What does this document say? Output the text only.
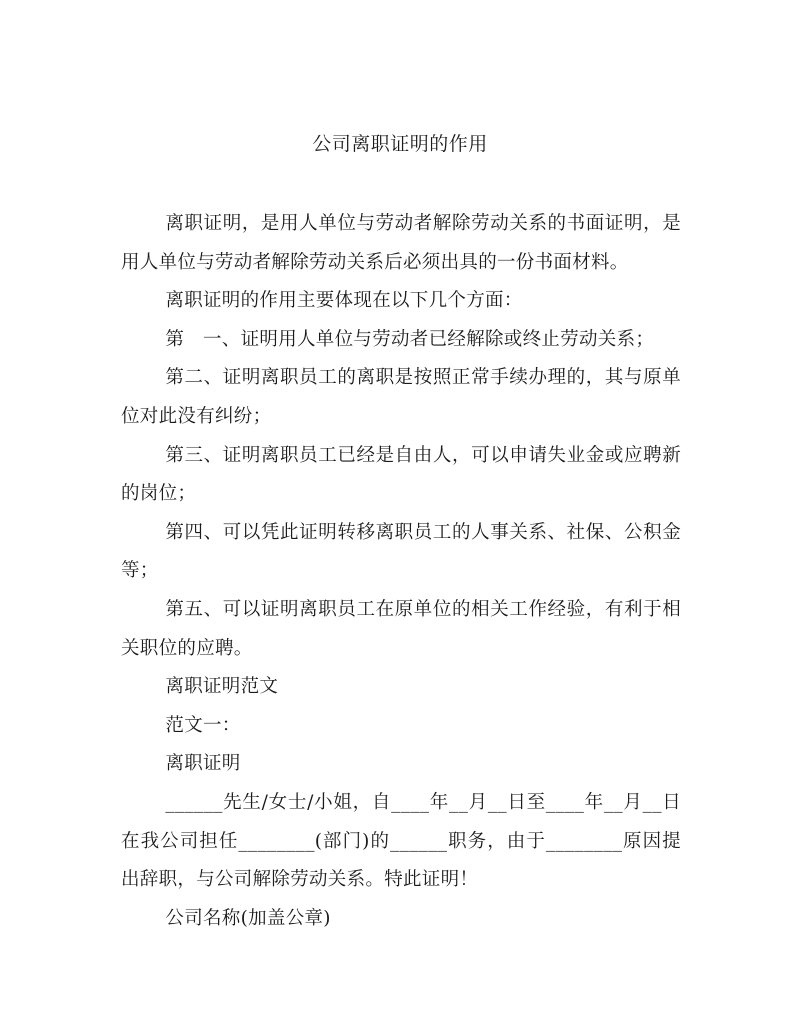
公司离职证明的作用

离职证明，是用人单位与劳动者解除劳动关系的书面证明，是用人单位与劳动者解除劳动关系后必须出具的一份书面材料。

离职证明的作用主要体现在以下几个方面：

第　一、证明用人单位与劳动者已经解除或终止劳动关系；

第二、证明离职员工的离职是按照正常手续办理的，其与原单位对此没有纠纷；

第三、证明离职员工已经是自由人，可以申请失业金或应聘新的岗位；

第四、可以凭此证明转移离职员工的人事关系、社保、公积金等；

第五、可以证明离职员工在原单位的相关工作经验，有利于相关职位的应聘。

离职证明范文

范文一：

离职证明

______先生/女士/小姐，自____年__月__日至____年__月__日在我公司担任________(部门)的______职务，由于________原因提出辞职，与公司解除劳动关系。特此证明！

公司名称(加盖公章)
